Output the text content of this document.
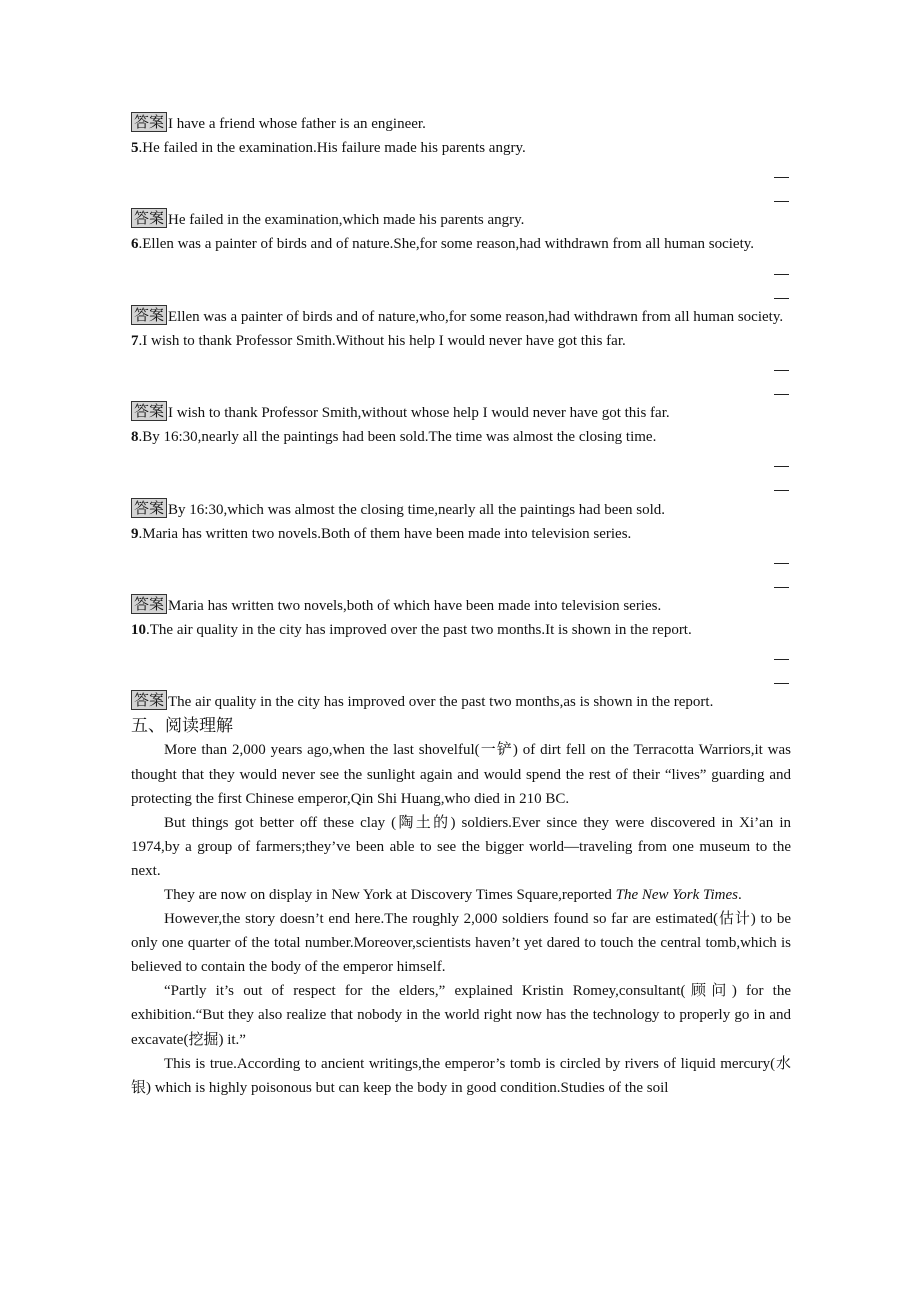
答案 I have a friend whose father is an engineer.
5.He failed in the examination.His failure made his parents angry.
答案 He failed in the examination,which made his parents angry.
6.Ellen was a painter of birds and of nature.She,for some reason,had withdrawn from all human society.
答案 Ellen was a painter of birds and of nature,who,for some reason,had withdrawn from all human society.
7.I wish to thank Professor Smith.Without his help I would never have got this far.
答案 I wish to thank Professor Smith,without whose help I would never have got this far.
8.By 16:30,nearly all the paintings had been sold.The time was almost the closing time.
答案 By 16:30,which was almost the closing time,nearly all the paintings had been sold.
9.Maria has written two novels.Both of them have been made into television series.
答案 Maria has written two novels,both of which have been made into television series.
10.The air quality in the city has improved over the past two months.It is shown in the report.
答案 The air quality in the city has improved over the past two months,as is shown in the report.
五、阅读理解
More than 2,000 years ago,when the last shovelful(一铲) of dirt fell on the Terracotta Warriors,it was thought that they would never see the sunlight again and would spend the rest of their “lives” guarding and protecting the first Chinese emperor,Qin Shi Huang,who died in 210 BC.
But things got better off these clay (陶土的) soldiers.Ever since they were discovered in Xi’an in 1974,by a group of farmers;they’ve been able to see the bigger world—traveling from one museum to the next.
They are now on display in New York at Discovery Times Square,reported The New York Times.
However,the story doesn’t end here.The roughly 2,000 soldiers found so far are estimated(估计) to be only one quarter of the total number.Moreover,scientists haven’t yet dared to touch the central tomb,which is believed to contain the body of the emperor himself.
“Partly it’s out of respect for the elders,” explained Kristin Romey,consultant(顾问) for the exhibition.“But they also realize that nobody in the world right now has the technology to properly go in and excavate(挖掘) it.”
This is true.According to ancient writings,the emperor’s tomb is circled by rivers of liquid mercury(水银) which is highly poisonous but can keep the body in good condition.Studies of the soil
